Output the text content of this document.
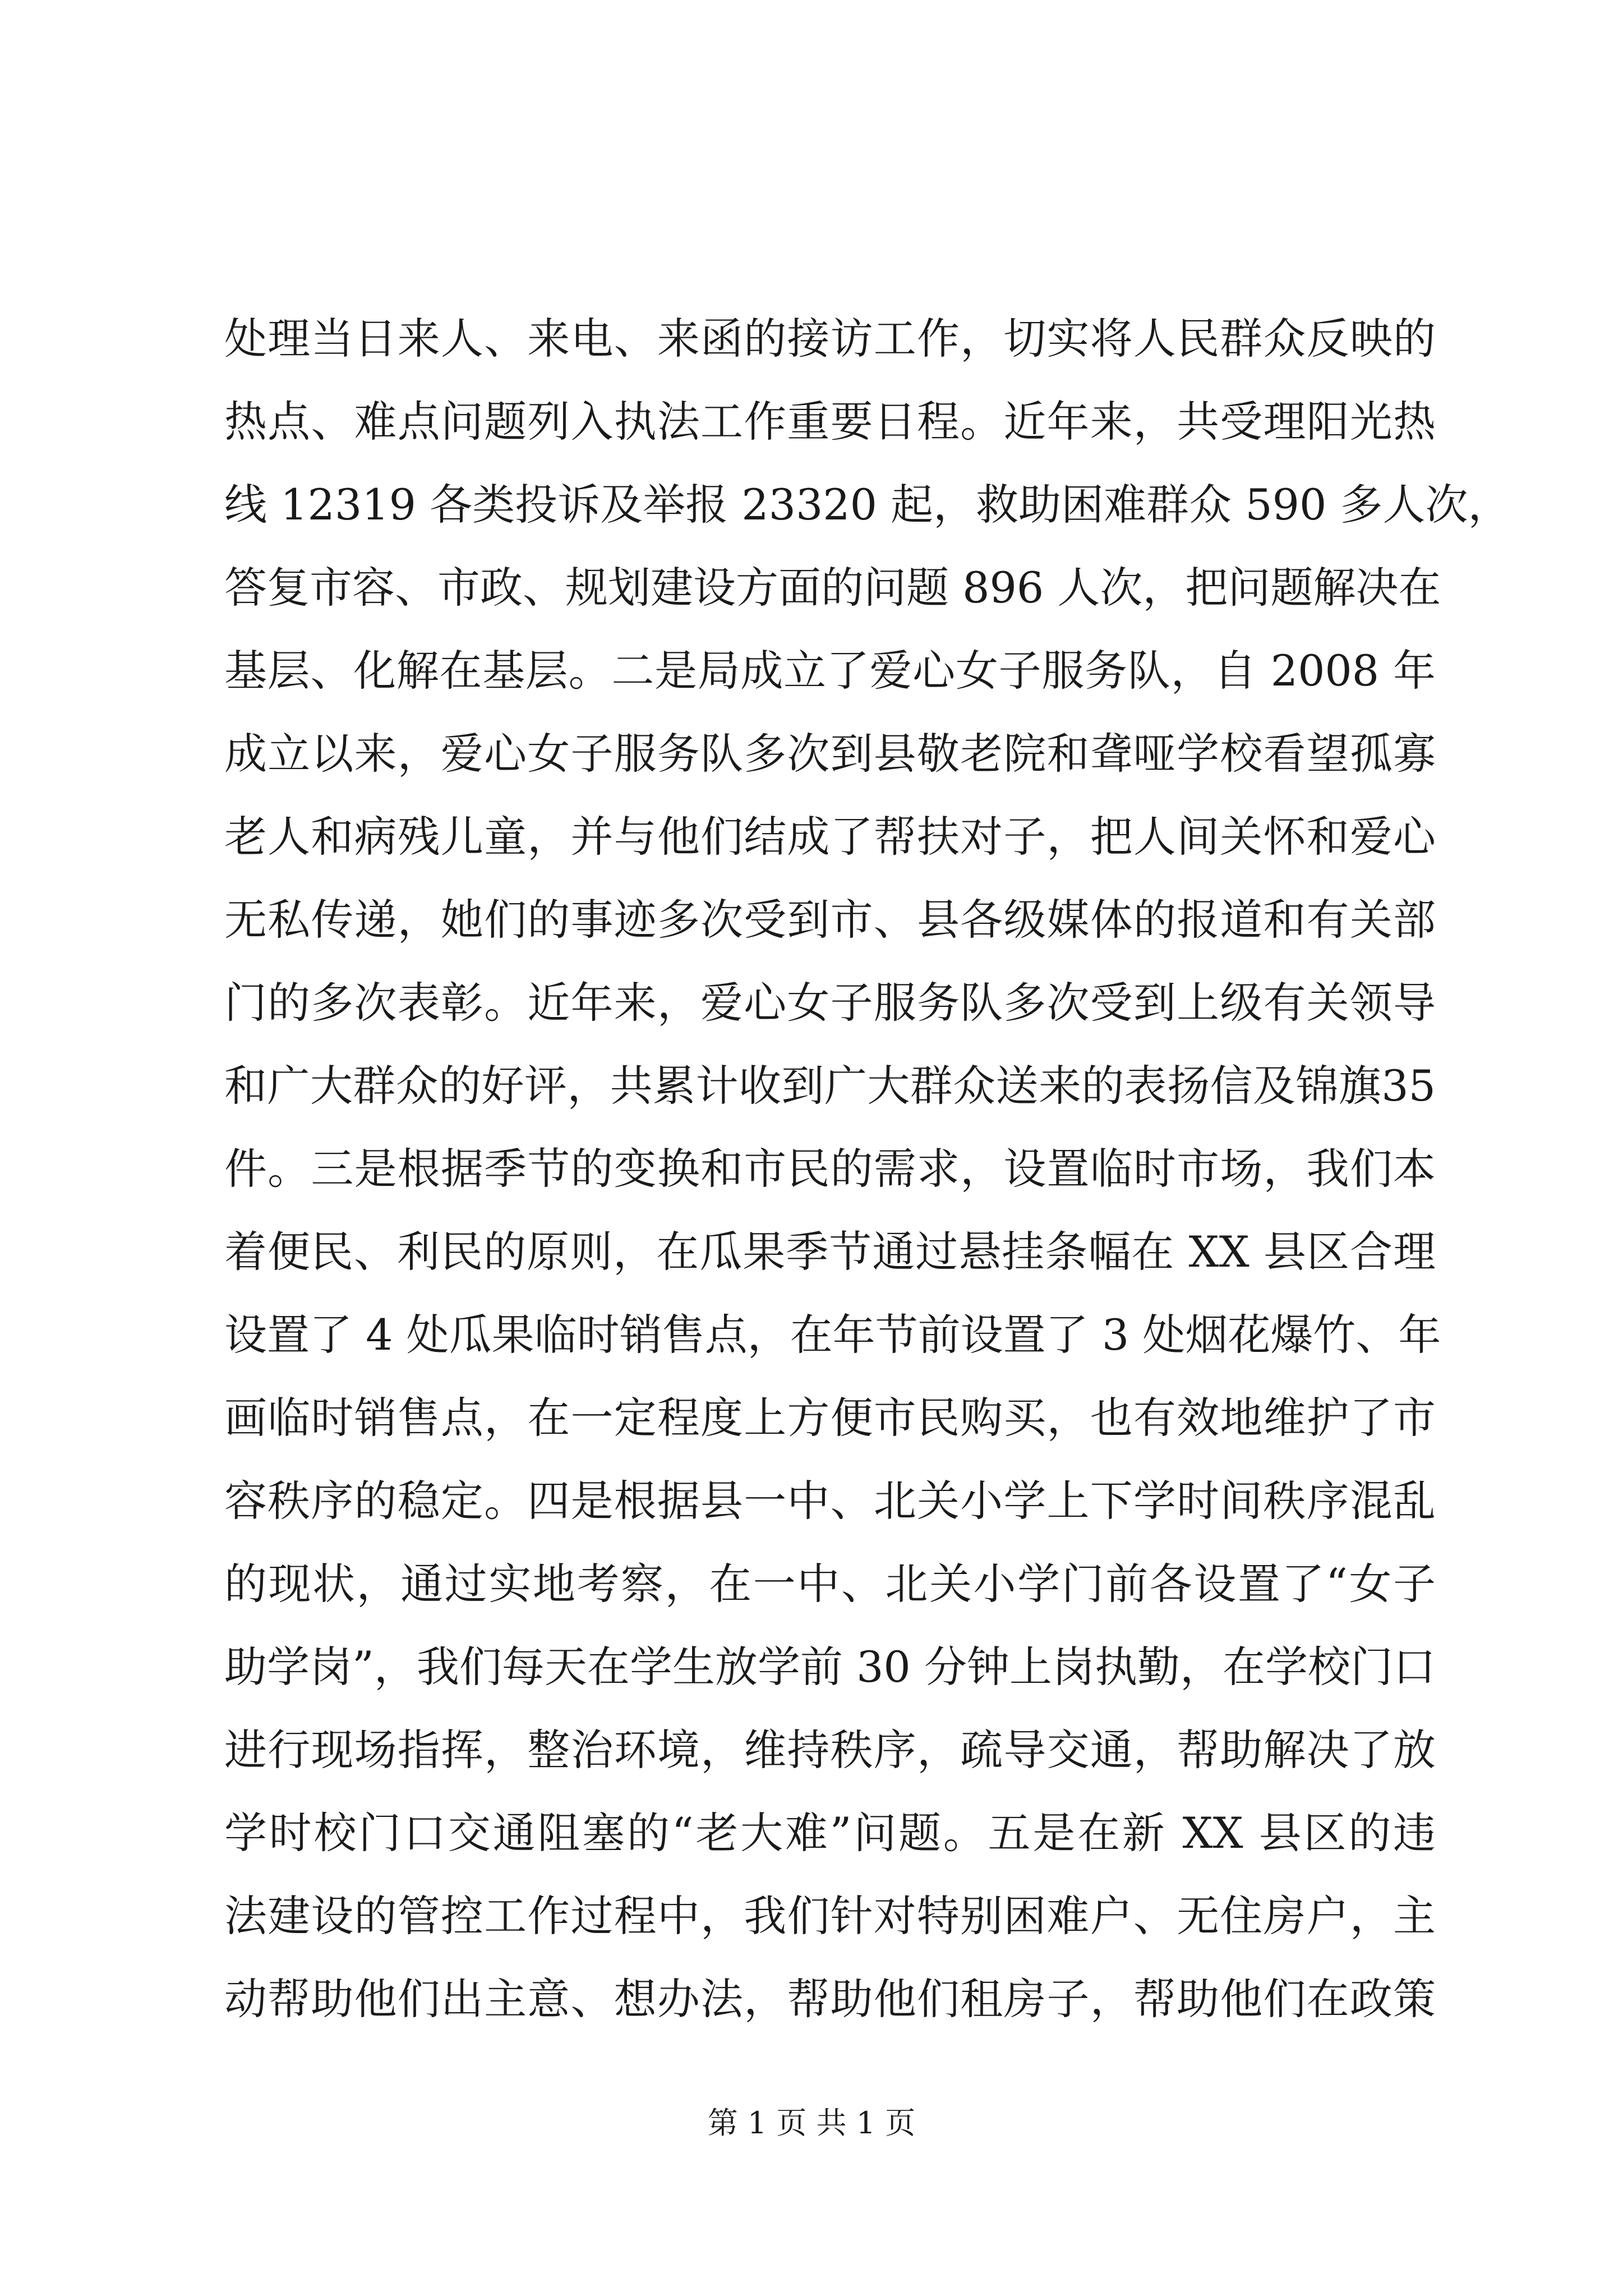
处理当日来人、来电、来函的接访工作，切实将人民群众反映的
热点、难点问题列入执法工作重要日程。近年来，共受理阳光热
线 12319 各类投诉及举报 23320 起，救助困难群众 590 多人次，
答复市容、市政、规划建设方面的问题 896 人次，把问题解决在
基层、化解在基层。二是局成立了爱心女子服务队，自 2008 年
成立以来，爱心女子服务队多次到县敬老院和聋哑学校看望孤寡
老人和病残儿童，并与他们结成了帮扶对子，把人间关怀和爱心
无私传递，她们的事迹多次受到市、县各级媒体的报道和有关部
门的多次表彰。近年来，爱心女子服务队多次受到上级有关领导
和广大群众的好评，共累计收到广大群众送来的表扬信及锦旗35
件。三是根据季节的变换和市民的需求，设置临时市场，我们本
着便民、利民的原则，在瓜果季节通过悬挂条幅在 XX 县区合理
设置了 4 处瓜果临时销售点，在年节前设置了 3 处烟花爆竹、年
画临时销售点，在一定程度上方便市民购买，也有效地维护了市
容秩序的稳定。四是根据县一中、北关小学上下学时间秩序混乱
的现状，通过实地考察，在一中、北关小学门前各设置了“女子
助学岗”，我们每天在学生放学前 30 分钟上岗执勤，在学校门口
进行现场指挥，整治环境，维持秩序，疏导交通，帮助解决了放
学时校门口交通阻塞的“老大难”问题。五是在新 XX 县区的违
法建设的管控工作过程中，我们针对特别困难户、无住房户，主
动帮助他们出主意、想办法，帮助他们租房子，帮助他们在政策
第 1 页 共 1 页
